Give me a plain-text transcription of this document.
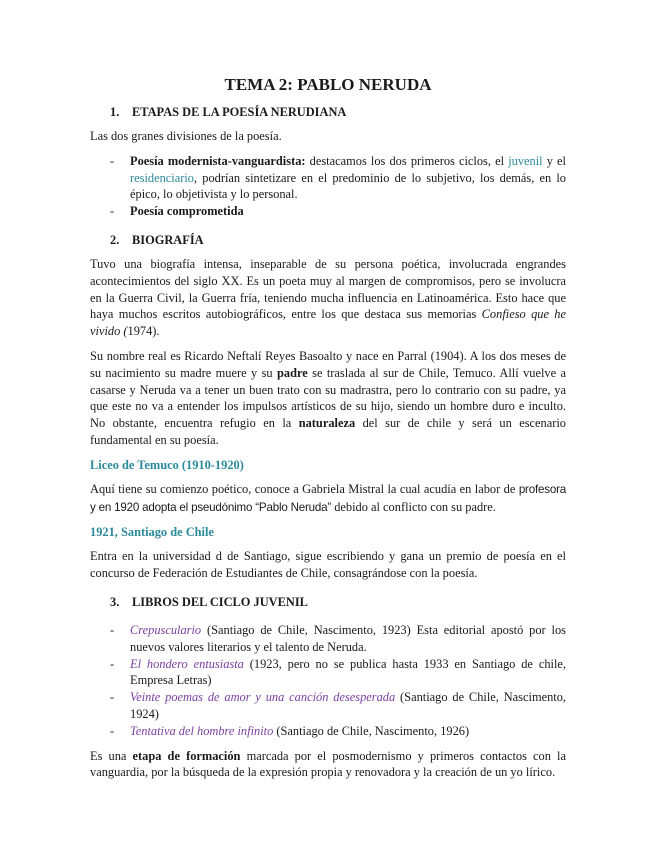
TEMA 2: PABLO NERUDA
1.	ETAPAS DE LA POESÍA NERUDIANA

Las dos granes divisiones de la poesía.

-	Poesía modernista-vanguardista: destacamos los dos primeros ciclos, el juvenil y el residenciario, podrían sintetizare en el predominio de lo subjetivo, los demás, en lo épico, lo objetivista y lo personal.
-	Poesía comprometida
2.	BIOGRAFÍA

Tuvo una biografía intensa, inseparable de su persona poética, involucrada engrandes acontecimientos del siglo XX. Es un poeta muy al margen de compromisos, pero se involucra en la Guerra Civil, la Guerra fría, teniendo mucha influencia en Latinoamérica. Esto hace que haya muchos escritos autobiográficos, entre los que destaca sus memorias Confieso que he vivido (1974).

Su nombre real es Ricardo Neftalí Reyes Basoalto y nace en Parral (1904). A los dos meses de su nacimiento su madre muere y su padre se traslada al sur de Chile, Temuco. Allí vuelve a casarse y Neruda va a tener un buen trato con su madrastra, pero lo contrario con su padre, ya que este no va a entender los impulsos artísticos de su hijo, siendo un hombre duro e inculto. No obstante, encuentra refugio en la naturaleza del sur de chile y será un escenario fundamental en su poesía.

Liceo de Temuco (1910-1920)

Aquí tiene su comienzo poético, conoce a Gabriela Mistral la cual acudía en labor de profesora y en 1920 adopta el pseudónimo “Pablo Neruda” debido al conflicto con su padre.

1921, Santiago de Chile

Entra en la universidad d de Santiago, sigue escribiendo y gana un premio de poesía en el concurso de Federación de Estudiantes de Chile, consagrándose con la poesía.

3.	LIBROS DEL CICLO JUVENIL
-	Crepusculario (Santiago de Chile, Nascimento, 1923) Esta editorial apostó por los nuevos valores literarios y el talento de Neruda.
-	El hondero entusiasta (1923, pero no se publica hasta 1933 en Santiago de chile, Empresa Letras)
-	Veinte poemas de amor y una canción desesperada (Santiago de Chile, Nascimento, 1924)
-	Tentativa del hombre infinito (Santiago de Chile, Nascimento, 1926)

Es una etapa de formación marcada por el posmodernismo y primeros contactos con la vanguardia, por la búsqueda de la expresión propia y renovadora y la creación de un yo lírico.
